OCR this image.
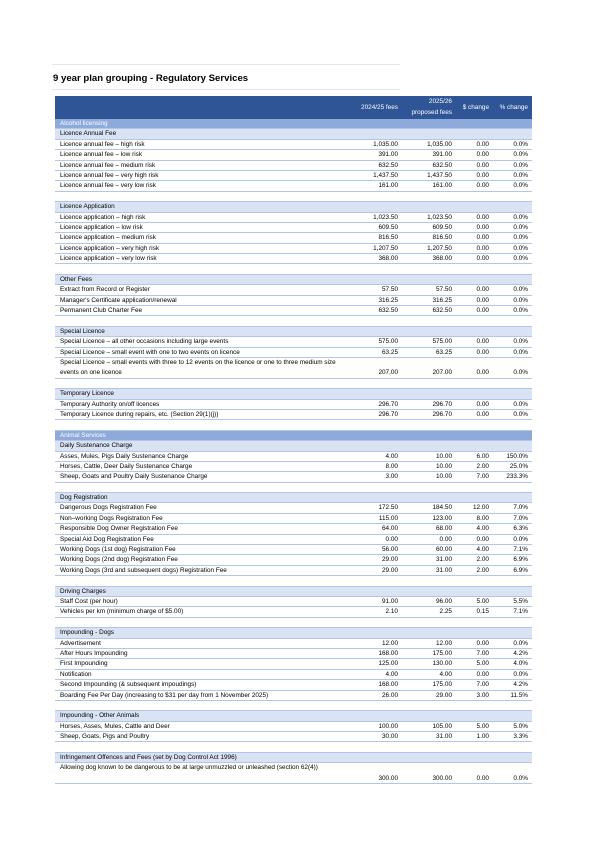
9 year plan grouping - Regulatory Services
2024/25 fees
2025/26
proposed fees
$ change % change
Alcohol licensing
Licence Annual Fee
Licence annual fee – high risk	1,035.00	1,035.00	0.00	0.0%
Licence annual fee – low risk	391.00	391.00	0.00	0.0%
Licence annual fee – medium risk	632.50	632.50	0.00	0.0%
Licence annual fee – very high risk	1,437.50	1,437.50	0.00	0.0%
Licence annual fee – very low risk	161.00	161.00	0.00	0.0%
Licence Application
Licence application – high risk	1,023.50	1,023.50	0.00	0.0%
Licence application – low risk	609.50	609.50	0.00	0.0%
Licence application – medium risk	816.50	816.50	0.00	0.0%
Licence application – very high risk	1,207.50	1,207.50	0.00	0.0%
Licence application – very low risk	368.00	368.00	0.00	0.0%
Other Fees
Extract from Record or Register	57.50	57.50	0.00	0.0%
Manager's Certificate application/renewal	316.25	316.25	0.00	0.0%
Permanent Club Charter Fee	632.50	632.50	0.00	0.0%
Special Licence
Special Licence – all other occasions including large events	575.00	575.00	0.00	0.0%
Special Licence – small event with one to two events on licence	63.25	63.25	0.00	0.0%
Special Licence – small events with three to 12 events on the licence or one to three medium size events on one licence	207.00	207.00	0.00	0.0%
Temporary Licence
Temporary Authority on/off licences	296.70	296.70	0.00	0.0%
Temporary Licence during repairs, etc. (Section 29(1)(j))	296.70	296.70	0.00	0.0%
Animal Services
Daily Sustenance Charge
Asses, Mules, Pigs Daily Sustenance Charge	4.00	10.00	6.00	150.0%
Horses, Cattle, Deer Daily Sustenance Charge	8.00	10.00	2.00	25.0%
Sheep, Goats and Poultry Daily Sustenance Charge	3.00	10.00	7.00	233.3%
Dog Registration
Dangerous Dogs Registration Fee	172.50	184.50	12.00	7.0%
Non–working Dogs Registration Fee	115.00	123.00	8.00	7.0%
Responsible Dog Owner Registration Fee	64.00	68.00	4.00	6.3%
Special Aid Dog Registration Fee	0.00	0.00	0.00	0.0%
Working Dogs (1st dog) Registration Fee	56.00	60.00	4.00	7.1%
Working Dogs (2nd dog) Registration Fee	29.00	31.00	2.00	6.9%
Working Dogs (3rd and subsequent dogs) Registration Fee	29.00	31.00	2.00	6.9%
Driving Charges
Staff Cost (per hour)	91.00	96.00	5.00	5.5%
Vehicles per km (minimum charge of $5.00)	2.10	2.25	0.15	7.1%
Impounding - Dogs
Advertisement	12.00	12.00	0.00	0.0%
After Hours Impounding	168.00	175.00	7.00	4.2%
First Impounding	125.00	130.00	5.00	4.0%
Notification	4.00	4.00	0.00	0.0%
Second Impounding (& subsequent impoudings)	168.00	175.00	7.00	4.2%
Boarding Fee Per Day (increasing to $31 per day from 1 November 2025)	26.00	29.00	3.00	11.5%
Impounding - Other Animals
Horses, Asses, Mules, Cattle and Deer	100.00	105.00	5.00	5.0%
Sheep, Goats, Pigs and Poultry	30.00	31.00	1.00	3.3%
Infringement Offences and Fees (set by Dog Control Act 1996)
Allowing dog known to be dangerous to be at large unmuzzled or unleashed (section 62(4))
300.00	300.00	0.00	0.0%
